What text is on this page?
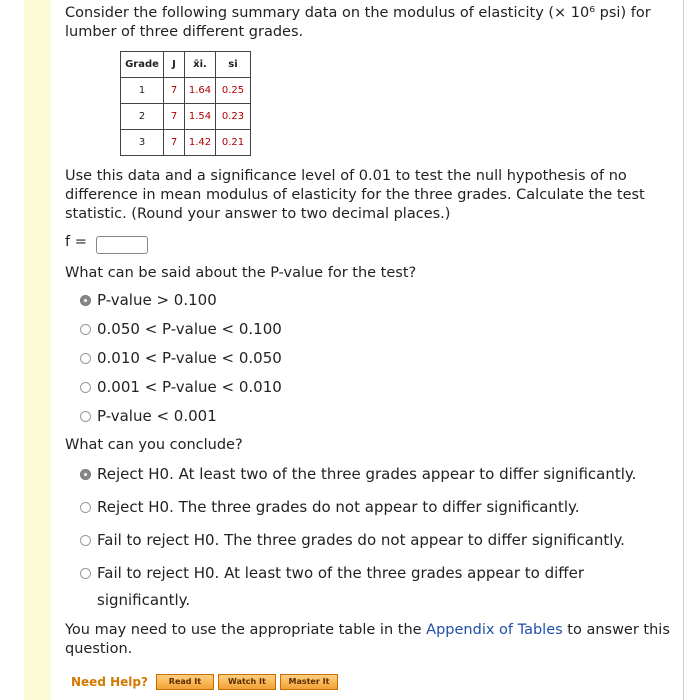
Consider the following summary data on the modulus of elasticity (× 10⁶ psi) for lumber of three different grades.

Grade	J	x̄i.	si
1	7	1.64	0.25
2	7	1.54	0.23
3	7	1.42	0.21
Use this data and a significance level of 0.01 to test the null hypothesis of no difference in mean modulus of elasticity for the three grades. Calculate the test statistic. (Round your answer to two decimal places.)
f =
What can be said about the P-value for the test?
P-value > 0.100
0.050 < P-value < 0.100
0.010 < P-value < 0.050
0.001 < P-value < 0.010
P-value < 0.001
What can you conclude?
Reject H0. At least two of the three grades appear to differ significantly.
Reject H0. The three grades do not appear to differ significantly.
Fail to reject H0. The three grades do not appear to differ significantly.
Fail to reject H0. At least two of the three grades appear to differ significantly.
You may need to use the appropriate table in the Appendix of Tables to answer this question.
Need Help?	Read It	Watch It	Master It
